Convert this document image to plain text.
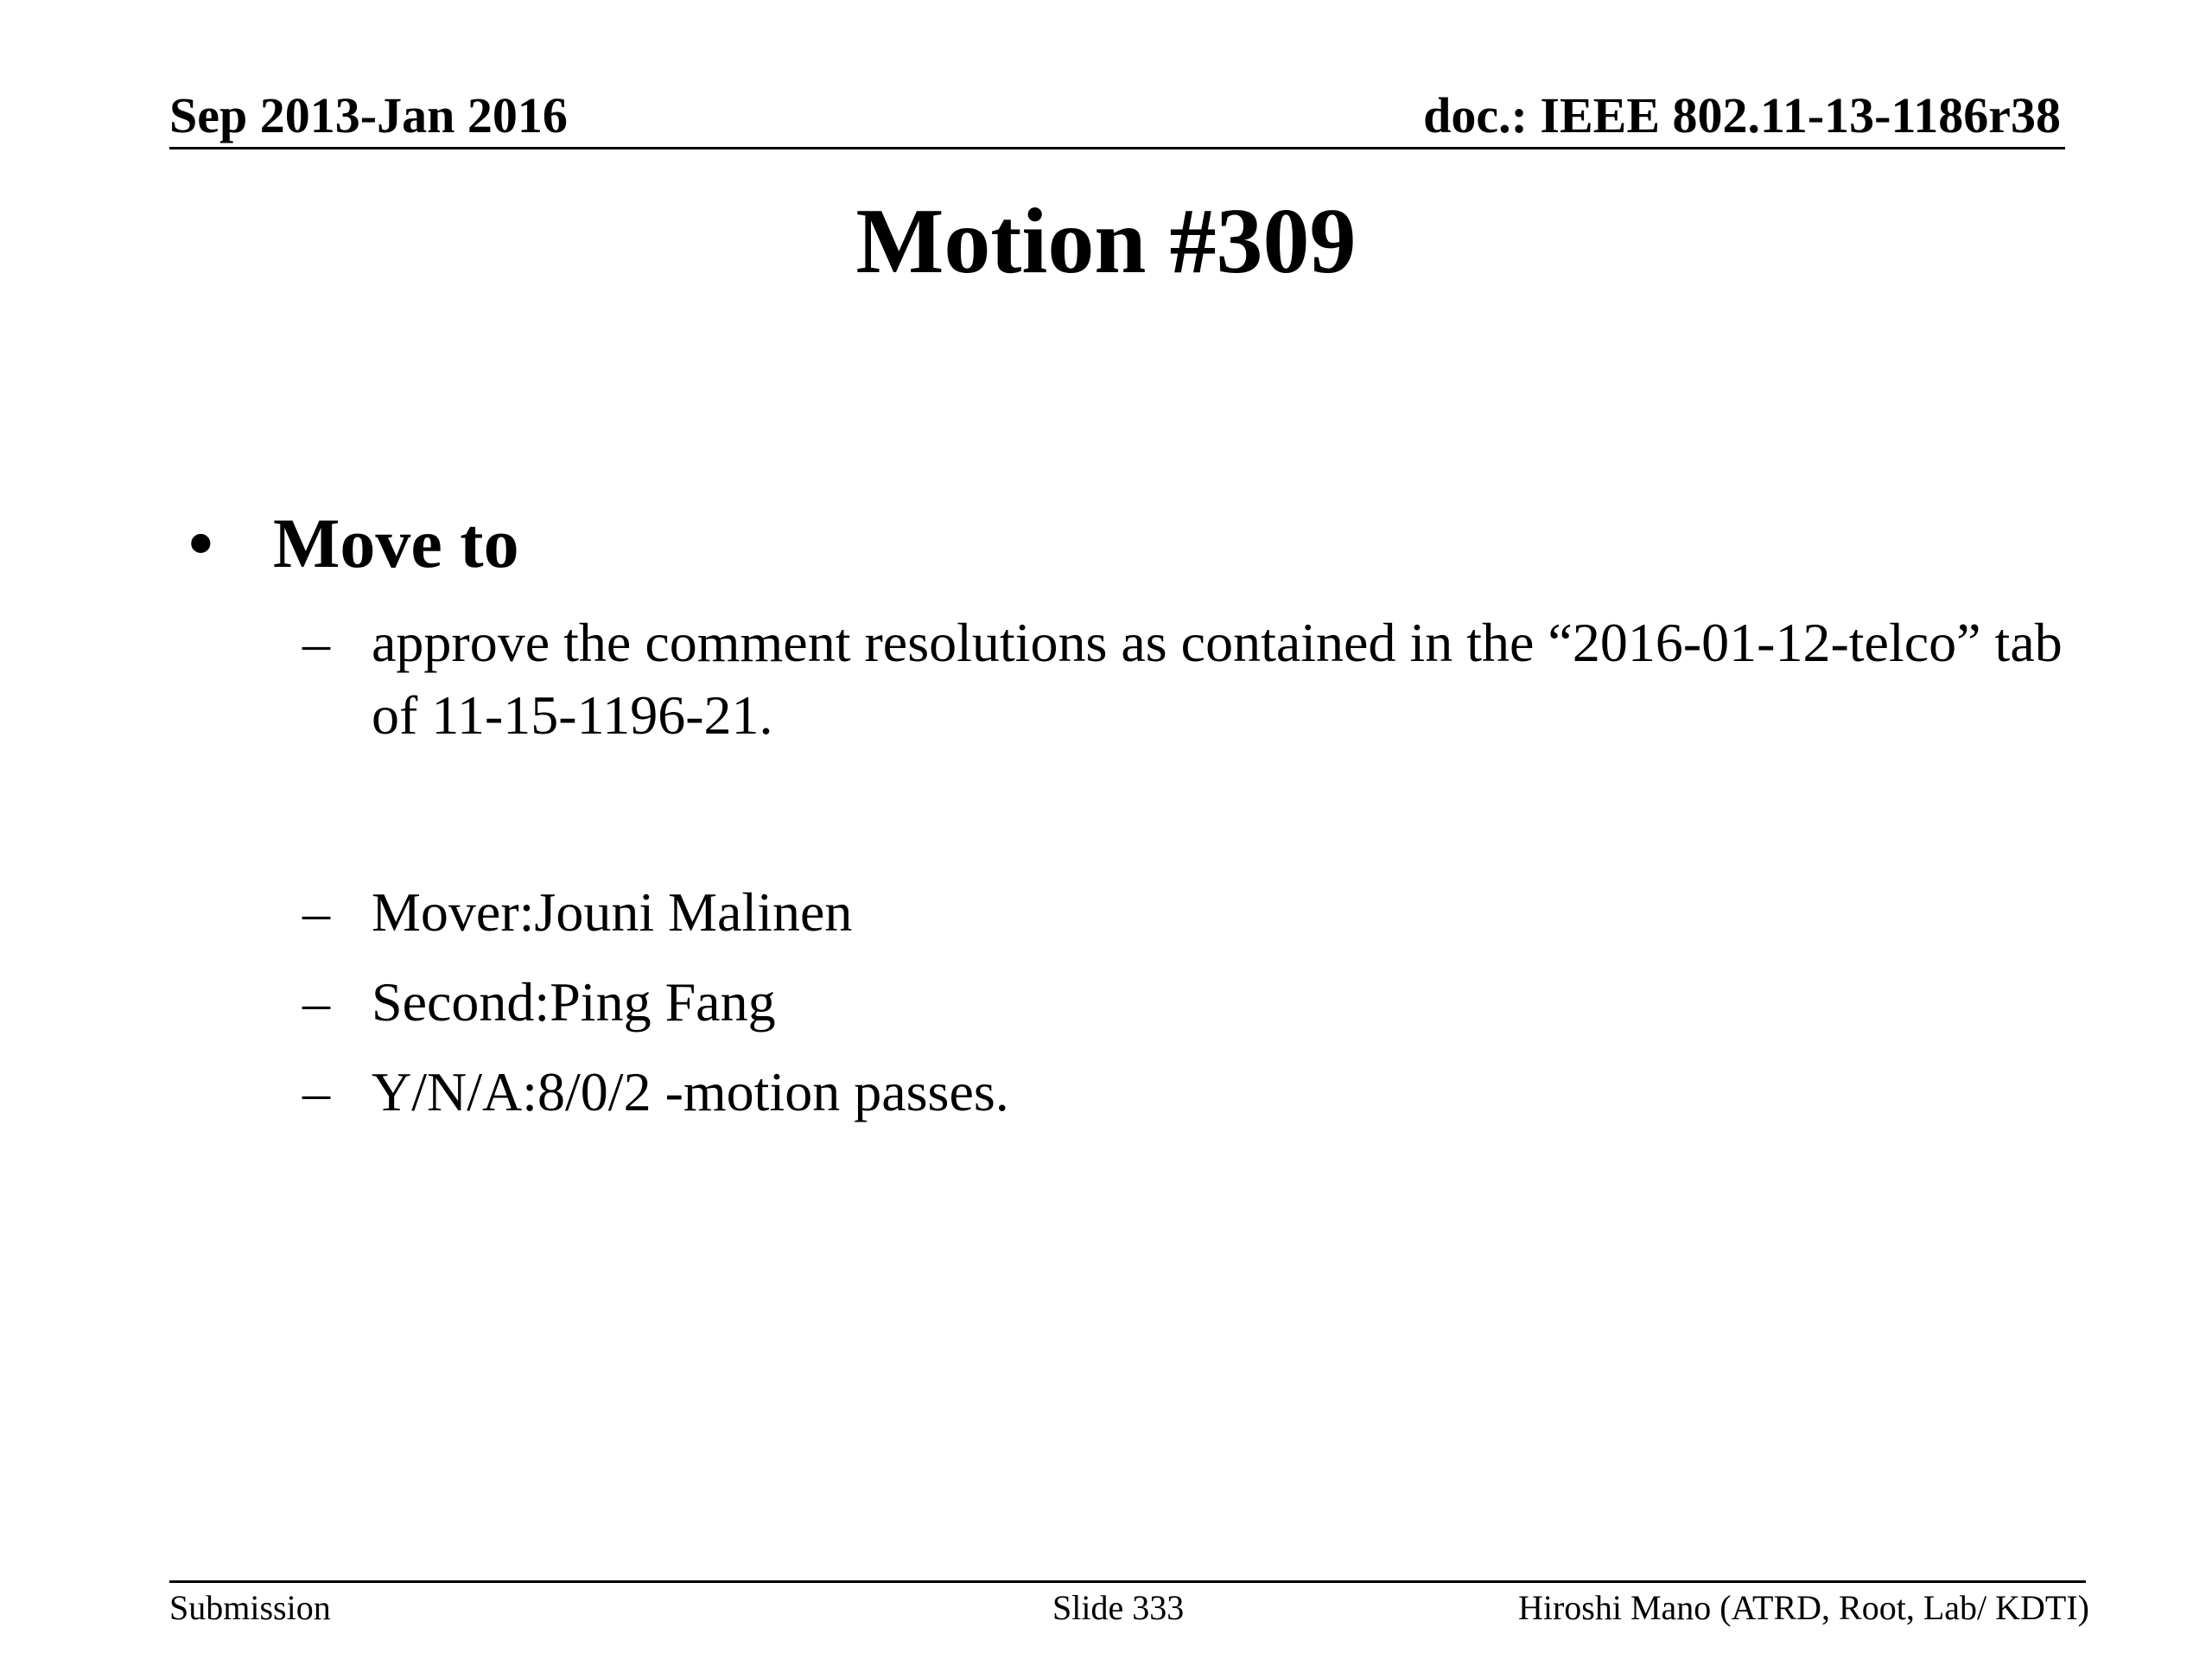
Sep 2013-Jan 2016	doc.: IEEE 802.11-13-1186r38
Motion #309
• Move to
– approve the comment resolutions as contained in the “2016-01-12-telco” tab of 11-15-1196-21.
– Mover:Jouni Malinen
– Second:Ping Fang
– Y/N/A:8/0/2 -motion passes.
Submission	Slide 333	Hiroshi Mano (ATRD, Root, Lab/ KDTI)
